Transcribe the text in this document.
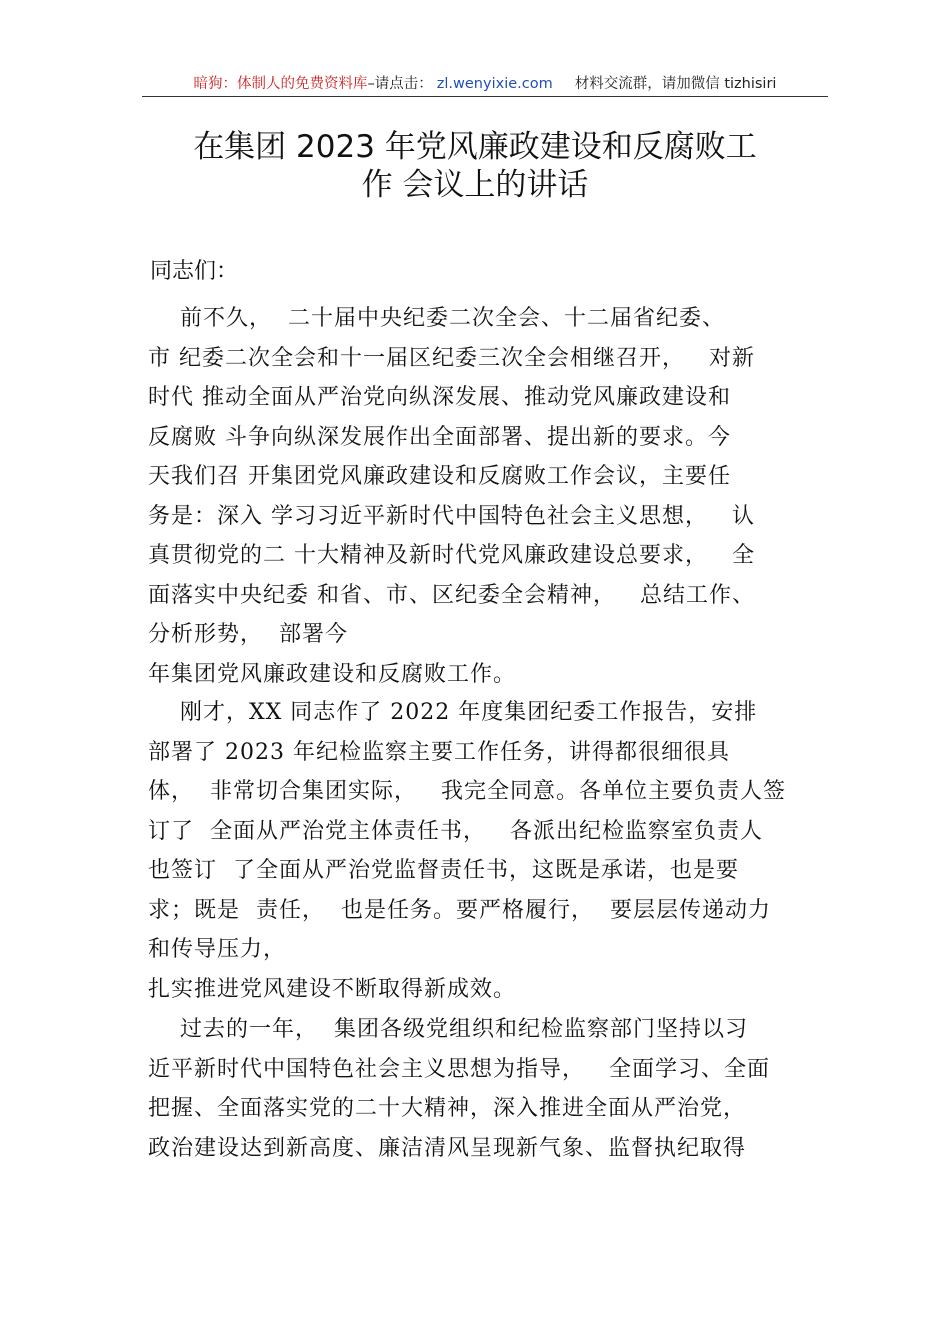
暗狗：体制人的免费资料库–请点击： zl.wenyixie.com 材料交流群，请加微信 tizhisiri
在集团 2023 年党风廉政建设和反腐败工
作 会议上的讲话
同志们：
前不久，  二十届中央纪委二次全会、十二届省纪委、
市 纪委二次全会和十一届区纪委三次全会相继召开，   对新
时代 推动全面从严治党向纵深发展、推动党风廉政建设和
反腐败 斗争向纵深发展作出全面部署、提出新的要求。今
天我们召 开集团党风廉政建设和反腐败工作会议，主要任
务是：深入 学习习近平新时代中国特色社会主义思想，   认
真贯彻党的二 十大精神及新时代党风廉政建设总要求，   全
面落实中央纪委 和省、市、区纪委全会精神，   总结工作、
分析形势，  部署今
年集团党风廉政建设和反腐败工作。
刚才，XX 同志作了 2022 年度集团纪委工作报告，安排
部署了 2023 年纪检监察主要工作任务，讲得都很细很具
体，  非常切合集团实际，   我完全同意。各单位主要负责人签
订了  全面从严治党主体责任书，   各派出纪检监察室负责人
也签订  了全面从严治党监督责任书，这既是承诺，也是要
求；既是  责任，  也是任务。要严格履行，  要层层传递动力
和传导压力，
扎实推进党风建设不断取得新成效。
过去的一年，  集团各级党组织和纪检监察部门坚持以习
近平新时代中国特色社会主义思想为指导，   全面学习、全面
把握、全面落实党的二十大精神，深入推进全面从严治党，
政治建设达到新高度、廉洁清风呈现新气象、监督执纪取得
